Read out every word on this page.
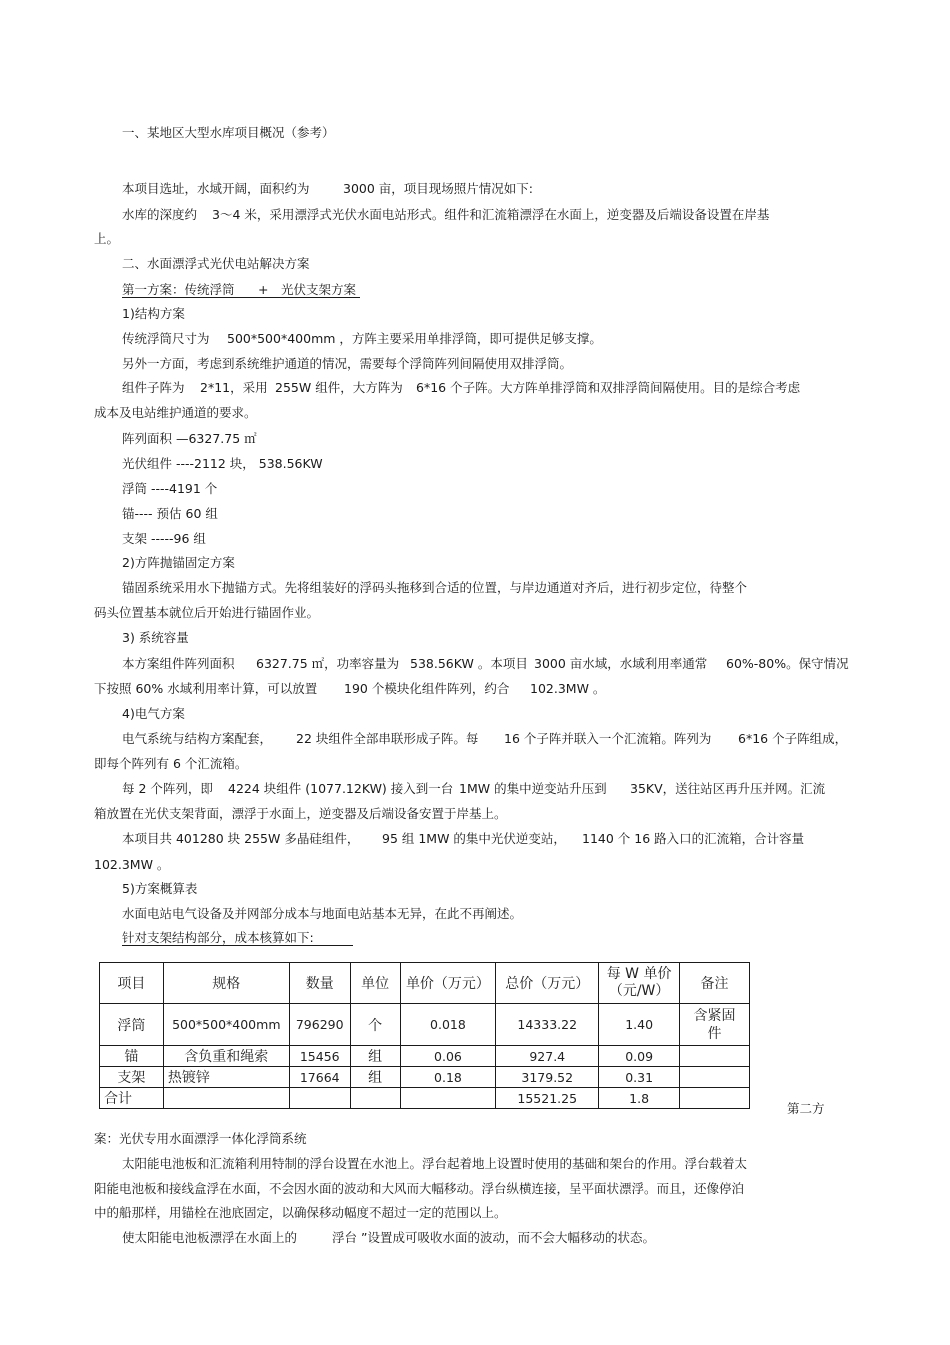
一、某地区大型水库项目概况（参考）
本项目选址，水域开阔，面积约为	3000 亩，项目现场照片情况如下:
水库的深度约 3～4 米，采用漂浮式光伏水面电站形式。组件和汇流箱漂浮在水面上，逆变器及后端设备设置在岸基
上。
二、水面漂浮式光伏电站解决方案
第一方案：传统浮筒 +　光伏支架方案
1)结构方案
传统浮筒尺寸为 500*500*400mm ，方阵主要采用单排浮筒，即可提供足够支撑。
另外一方面，考虑到系统维护通道的情况，需要每个浮筒阵列间隔使用双排浮筒。
组件子阵为 2*11，采用 255W 组件，大方阵为 6*16 个子阵。大方阵单排浮筒和双排浮筒间隔使用。目的是综合考虑
成本及电站维护通道的要求。
阵列面积 —6327.75 ㎡
光伏组件 ----2112 块， 538.56KW
浮筒 ----4191 个
锚---- 预估 60 组
支架 -----96 组
2)方阵抛锚固定方案
锚固系统采用水下抛锚方式。先将组装好的浮码头拖移到合适的位置，与岸边通道对齐后，进行初步定位，待整个
码头位置基本就位后开始进行锚固作业。
3) 系统容量
本方案组件阵列面积 6327.75 ㎡，功率容量为 538.56KW 。本项目 3000 亩水域，水域利用率通常 60%-80%。保守情况
下按照 60% 水域利用率计算，可以放置 190 个模块化组件阵列，约合 102.3MW 。
4)电气方案
电气系统与结构方案配套， 22 块组件全部串联形成子阵。每 16 个子阵并联入一个汇流箱。阵列为 6*16 个子阵组成，
即每个阵列有 6 个汇流箱。
每 2 个阵列，即 4224 块组件 (1077.12KW) 接入到一台 1MW 的集中逆变站升压到 35KV，送往站区再升压并网。汇流
箱放置在光伏支架背面，漂浮于水面上，逆变器及后端设备安置于岸基上。
本项目共 401280 块 255W 多晶硅组件， 95 组 1MW 的集中光伏逆变站， 1140 个 16 路入口的汇流箱，合计容量
102.3MW 。
5)方案概算表
水面电站电气设备及并网部分成本与地面电站基本无异，在此不再阐述。
针对支架结构部分，成本核算如下:
项目	规格	数量	单位	单价（万元）	总价（万元）	每 W 单价（元/W）	备注
浮筒	500*500*400mm	796290	个	0.018	14333.22	1.40	含紧固件
锚	含负重和绳索	15456	组	0.06	927.4	0.09	
支架	热镀锌	17664	组	0.18	3179.52	0.31	
合计					15521.25	1.8	
第二方
案：光伏专用水面漂浮一体化浮筒系统
太阳能电池板和汇流箱利用特制的浮台设置在水池上。浮台起着地上设置时使用的基础和架台的作用。浮台载着太
阳能电池板和接线盒浮在水面，不会因水面的波动和大风而大幅移动。浮台纵横连接，呈平面状漂浮。而且，还像停泊
中的船那样，用锚栓在池底固定，以确保移动幅度不超过一定的范围以上。
使太阳能电池板漂浮在水面上的	浮台 ”设置成可吸收水面的波动，而不会大幅移动的状态。
